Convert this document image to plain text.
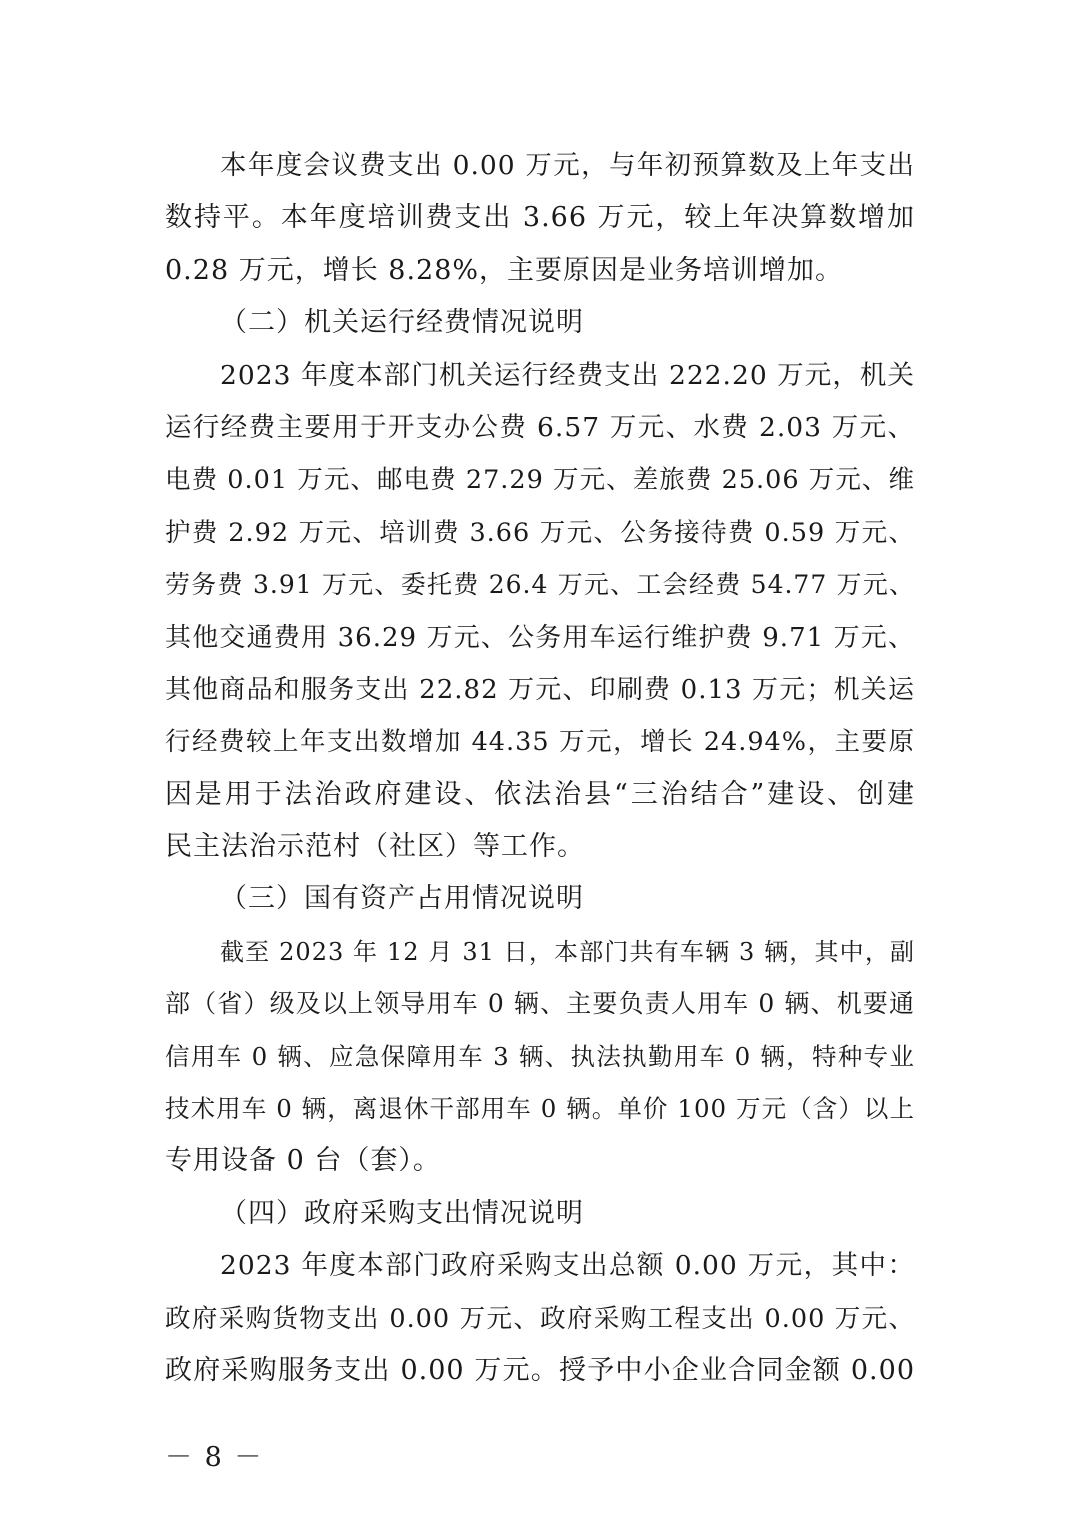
本年度会议费支出 0.00 万元，与年初预算数及上年支出
数持平。本年度培训费支出 3.66 万元，较上年决算数增加
0.28 万元，增长 8.28%，主要原因是业务培训增加。
（二）机关运行经费情况说明
2023 年度本部门机关运行经费支出 222.20 万元，机关
运行经费主要用于开支办公费 6.57 万元、水费 2.03 万元、
电费 0.01 万元、邮电费 27.29 万元、差旅费 25.06 万元、维
护费 2.92 万元、培训费 3.66 万元、公务接待费 0.59 万元、
劳务费 3.91 万元、委托费 26.4 万元、工会经费 54.77 万元、
其他交通费用 36.29 万元、公务用车运行维护费 9.71 万元、
其他商品和服务支出 22.82 万元、印刷费 0.13 万元；机关运
行经费较上年支出数增加 44.35 万元，增长 24.94%，主要原
因是用于法治政府建设、依法治县“三治结合”建设、创建
民主法治示范村（社区）等工作。
（三）国有资产占用情况说明
截至 2023 年 12 月 31 日，本部门共有车辆 3 辆，其中，副
部（省）级及以上领导用车 0 辆、主要负责人用车 0 辆、机要通
信用车 0 辆、应急保障用车 3 辆、执法执勤用车 0 辆，特种专业
技术用车 0 辆，离退休干部用车 0 辆。单价 100 万元（含）以上
专用设备 0 台（套）。
（四）政府采购支出情况说明
2023 年度本部门政府采购支出总额 0.00 万元，其中：
政府采购货物支出 0.00 万元、政府采购工程支出 0.00 万元、
政府采购服务支出 0.00 万元。授予中小企业合同金额 0.00
－ 8 －
